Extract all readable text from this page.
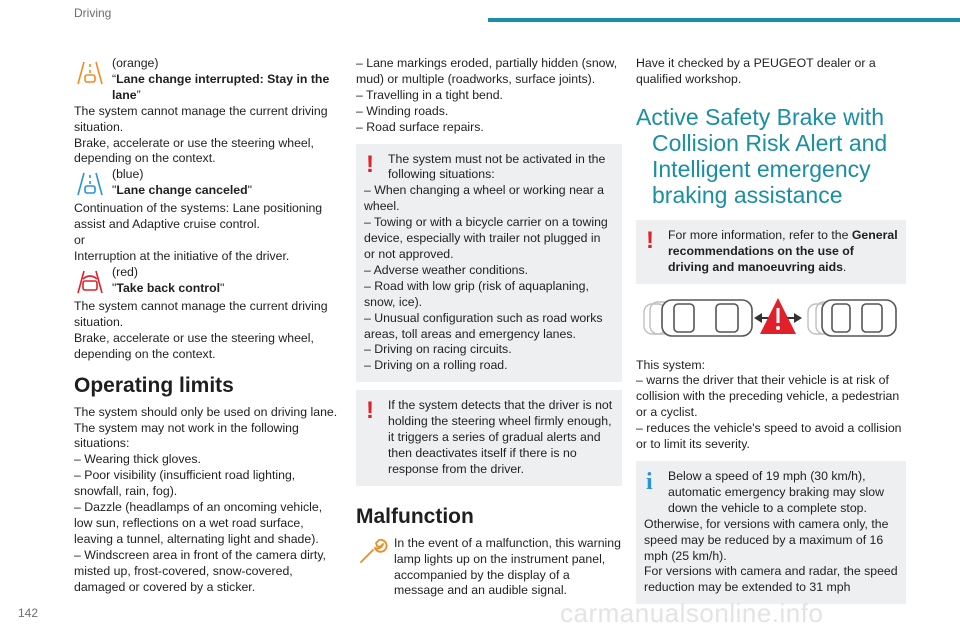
Driving

(orange)
“Lane change interrupted: Stay in the lane”

The system cannot manage the current driving situation.

Brake, accelerate or use the steering wheel, depending on the context.

(blue)
"Lane change canceled"

Continuation of the systems: Lane positioning assist and Adaptive cruise control.

or

Interruption at the initiative of the driver.

(red)
"Take back control"

The system cannot manage the current driving situation.

Brake, accelerate or use the steering wheel, depending on the context.

Operating limits

The system should only be used on driving lane.

The system may not work in the following situations:

– Wearing thick gloves.

– Poor visibility (insufficient road lighting, snowfall, rain, fog).

– Dazzle (headlamps of an oncoming vehicle, low sun, reflections on a wet road surface, leaving a tunnel, alternating light and shade).

– Windscreen area in front of the camera dirty, misted up, frost-covered, snow-covered, damaged or covered by a sticker.

– Lane markings eroded, partially hidden (snow, mud) or multiple (roadworks, surface joints).

– Travelling in a tight bend.

– Winding roads.

– Road surface repairs.

!	The system must not be activated in the following situations:

– When changing a wheel or working near a wheel.

– Towing or with a bicycle carrier on a towing device, especially with trailer not plugged in or not approved.

– Adverse weather conditions.

– Road with low grip (risk of aquaplaning, snow, ice).

– Unusual configuration such as road works areas, toll areas and emergency lanes.

– Driving on racing circuits.

– Driving on a rolling road.

!	If the system detects that the driver is not holding the steering wheel firmly enough, it triggers a series of gradual alerts and then deactivates itself if there is no response from the driver.

Malfunction

In the event of a malfunction, this warning lamp lights up on the instrument panel, accompanied by the display of a message and an audible signal.

Have it checked by a PEUGEOT dealer or a qualified workshop.

Active Safety Brake with Collision Risk Alert and Intelligent emergency braking assistance
!	For more information, refer to the General recommendations on the use of driving and manoeuvring aids.

This system:

– warns the driver that their vehicle is at risk of collision with the preceding vehicle, a pedestrian or a cyclist.

– reduces the vehicle's speed to avoid a collision or to limit its severity.

i	Below a speed of 19 mph (30 km/h), automatic emergency braking may slow down the vehicle to a complete stop.

Otherwise, for versions with camera only, the speed may be reduced by a maximum of 16 mph (25 km/h).

For versions with camera and radar, the speed reduction may be extended to 31 mph

142	carmanualsonline.info
